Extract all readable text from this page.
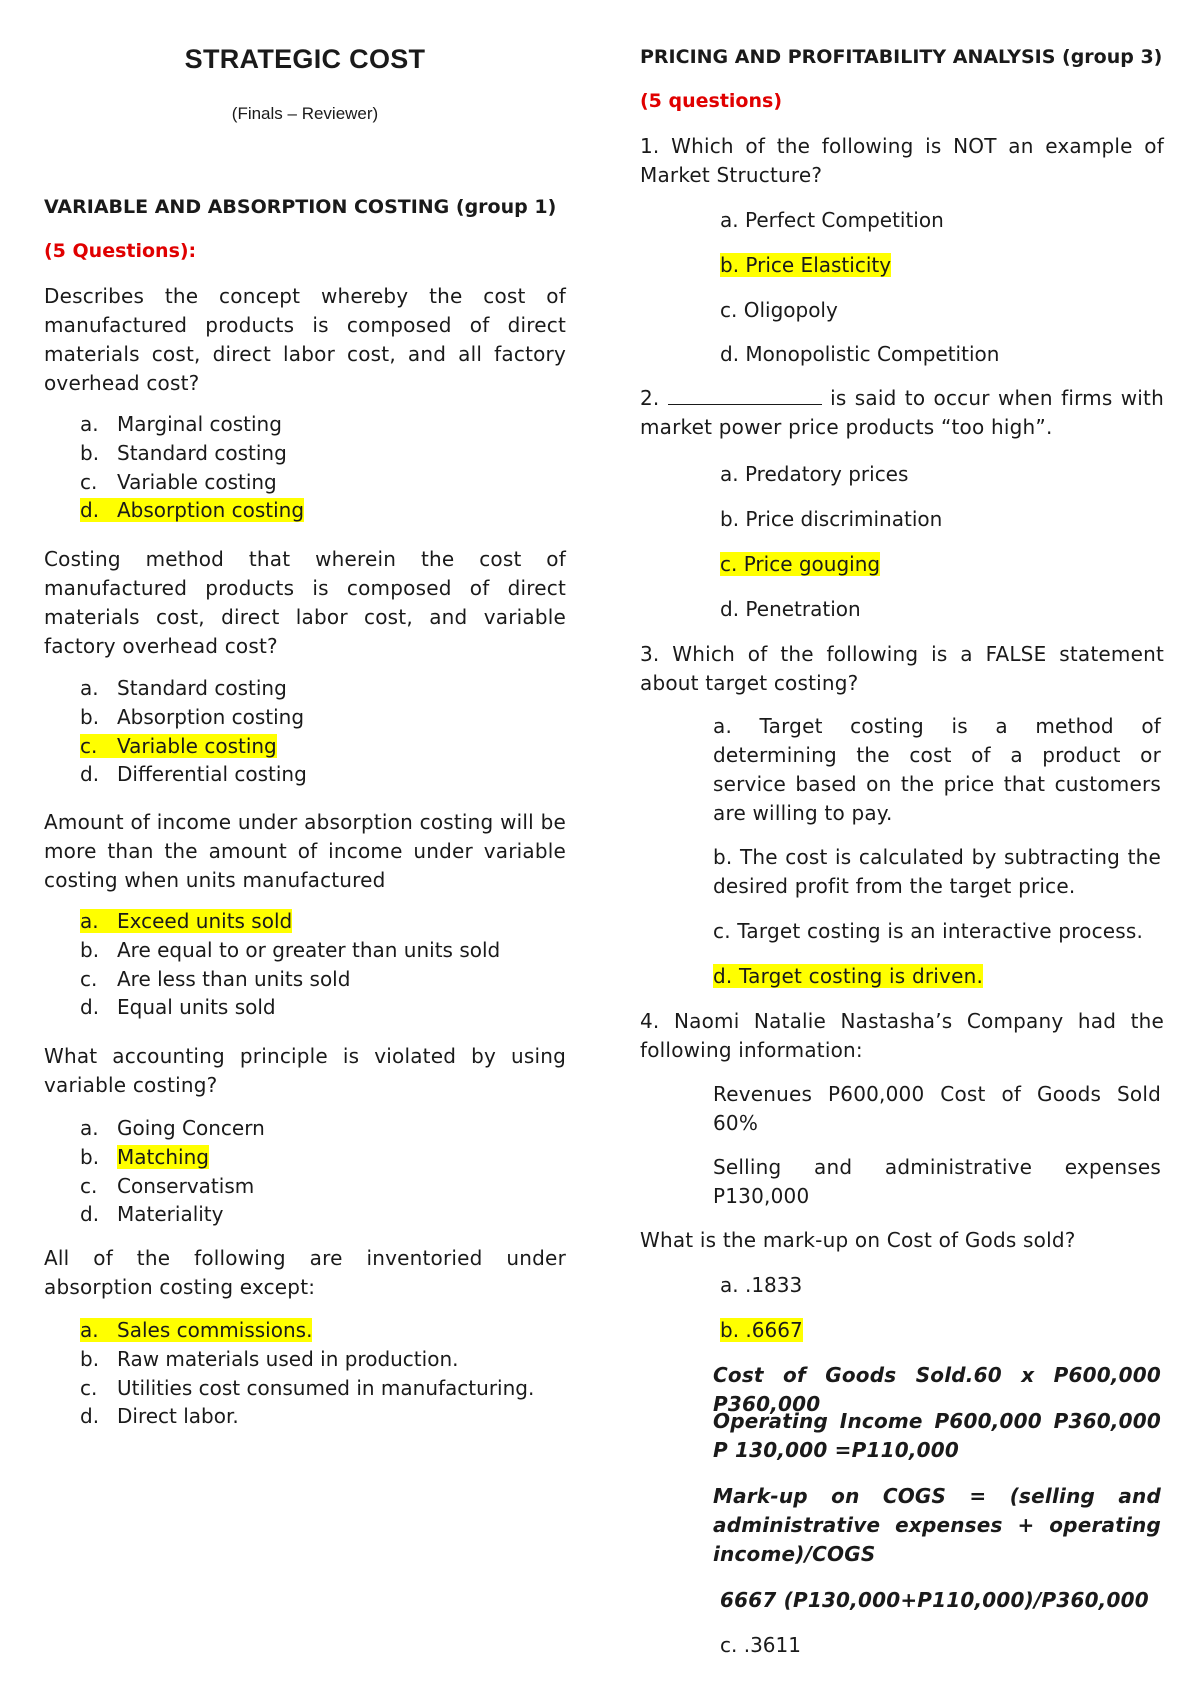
STRATEGIC COST
(Finals – Reviewer)
VARIABLE AND ABSORPTION COSTING (group 1)
(5 Questions):
Describes the concept whereby the cost of manufactured products is composed of direct materials cost, direct labor cost, and all factory overhead cost?
a. Marginal costing
b. Standard costing
c. Variable costing
d. Absorption costing
Costing method that wherein the cost of manufactured products is composed of direct materials cost, direct labor cost, and variable factory overhead cost?
a. Standard costing
b. Absorption costing
c. Variable costing
d. Differential costing
Amount of income under absorption costing will be more than the amount of income under variable costing when units manufactured
a. Exceed units sold
b. Are equal to or greater than units sold
c. Are less than units sold
d. Equal units sold
What accounting principle is violated by using variable costing?
a. Going Concern
b. Matching
c. Conservatism
d. Materiality
All of the following are inventoried under absorption costing except:
a. Sales commissions.
b. Raw materials used in production.
c. Utilities cost consumed in manufacturing.
d. Direct labor.
PRICING AND PROFITABILITY ANALYSIS (group 3)
(5 questions)
1. Which of the following is NOT an example of Market Structure?
a. Perfect Competition
b. Price Elasticity
c. Oligopoly
d. Monopolistic Competition
2.	is said to occur when firms with market power price products “too high”.
a. Predatory prices
b. Price discrimination
c. Price gouging
d. Penetration
3. Which of the following is a FALSE statement about target costing?
a. Target costing is a method of determining the cost of a product or service based on the price that customers are willing to pay.
b. The cost is calculated by subtracting the desired profit from the target price.
c. Target costing is an interactive process.
d. Target costing is driven.
4. Naomi Natalie Nastasha’s Company had the following information:
Revenues P600,000 Cost of Goods Sold 60%
Selling and administrative expenses P130,000
What is the mark-up on Cost of Gods sold?
a. .1833
b. .6667
Cost of Goods Sold.60 x P600,000 P360,000
Operating Income P600,000 P360,000 P 130,000 =P110,000
Mark-up on COGS = (selling and administrative expenses + operating income)/COGS
6667 (P130,000+P110,000)/P360,000
c. .3611
